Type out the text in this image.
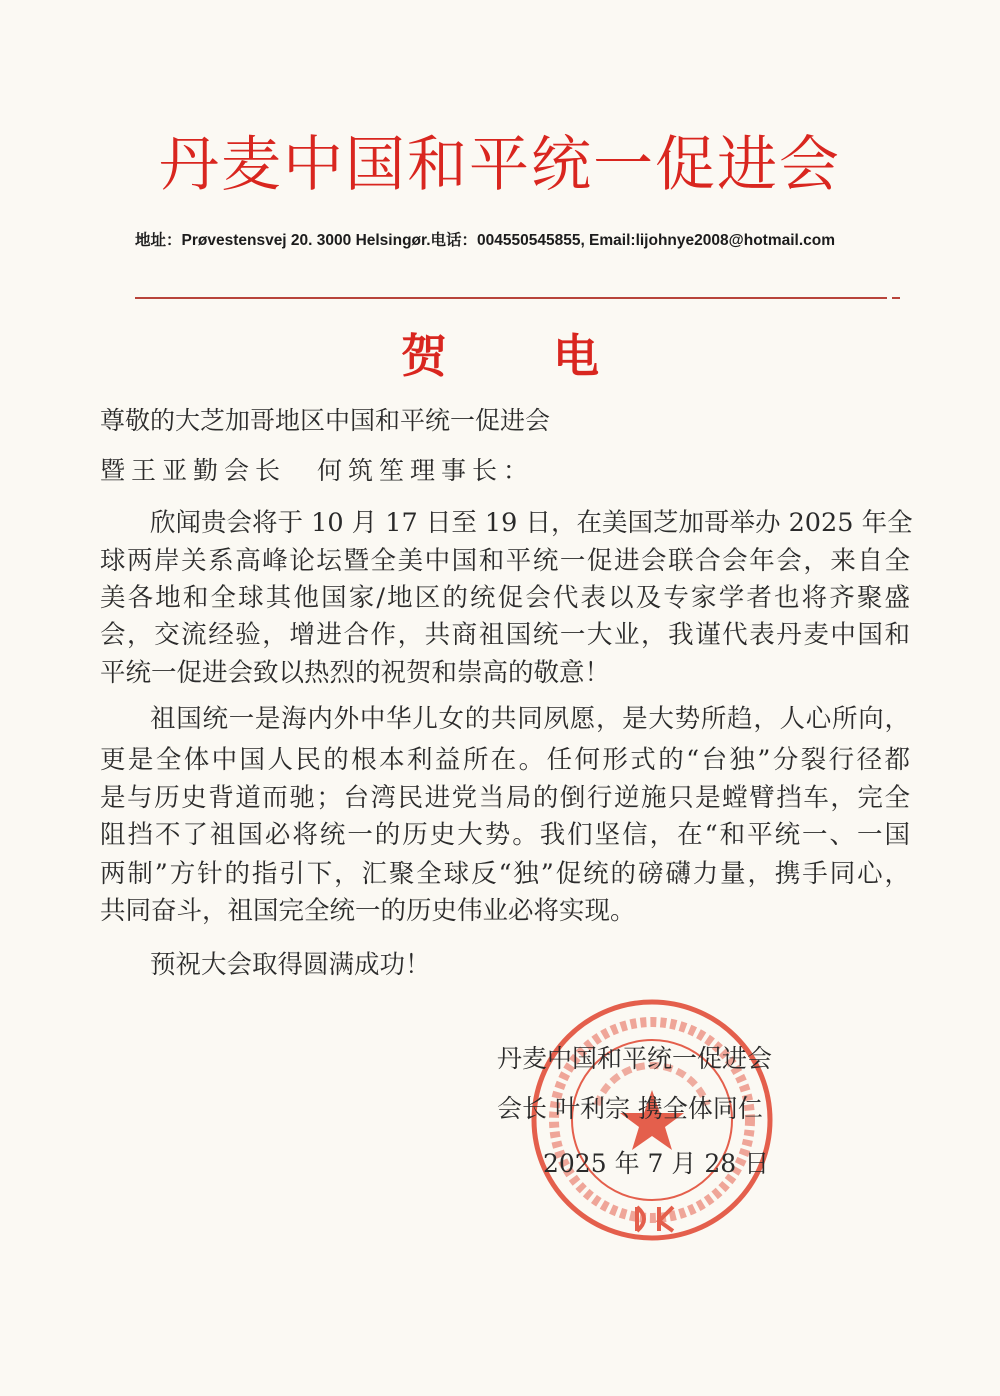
丹麦中国和平统一促进会
地址：Prøvestensvej 20. 3000 Helsingør.电话：004550545855, Email:lijohnye2008@hotmail.com
贺 电
尊敬的大芝加哥地区中国和平统一促进会
暨王亚勤会长　何筑笙理事长：
欣闻贵会将于 10 月 17 日至 19 日，在美国芝加哥举办 2025 年全
球两岸关系高峰论坛暨全美中国和平统一促进会联合会年会，来自全
美各地和全球其他国家/地区的统促会代表以及专家学者也将齐聚盛
会，交流经验，增进合作，共商祖国统一大业，我谨代表丹麦中国和
平统一促进会致以热烈的祝贺和崇高的敬意！
祖国统一是海内外中华儿女的共同夙愿，是大势所趋，人心所向，
更是全体中国人民的根本利益所在。任何形式的“台独”分裂行径都
是与历史背道而驰；台湾民进党当局的倒行逆施只是螳臂挡车，完全
阻挡不了祖国必将统一的历史大势。我们坚信，在“和平统一、一国
两制”方针的指引下，汇聚全球反“独”促统的磅礴力量，携手同心，
共同奋斗，祖国完全统一的历史伟业必将实现。
预祝大会取得圆满成功！
丹麦中国和平统一促进会
会长 叶利宗 携全体同仁
2025 年 7 月 28 日
